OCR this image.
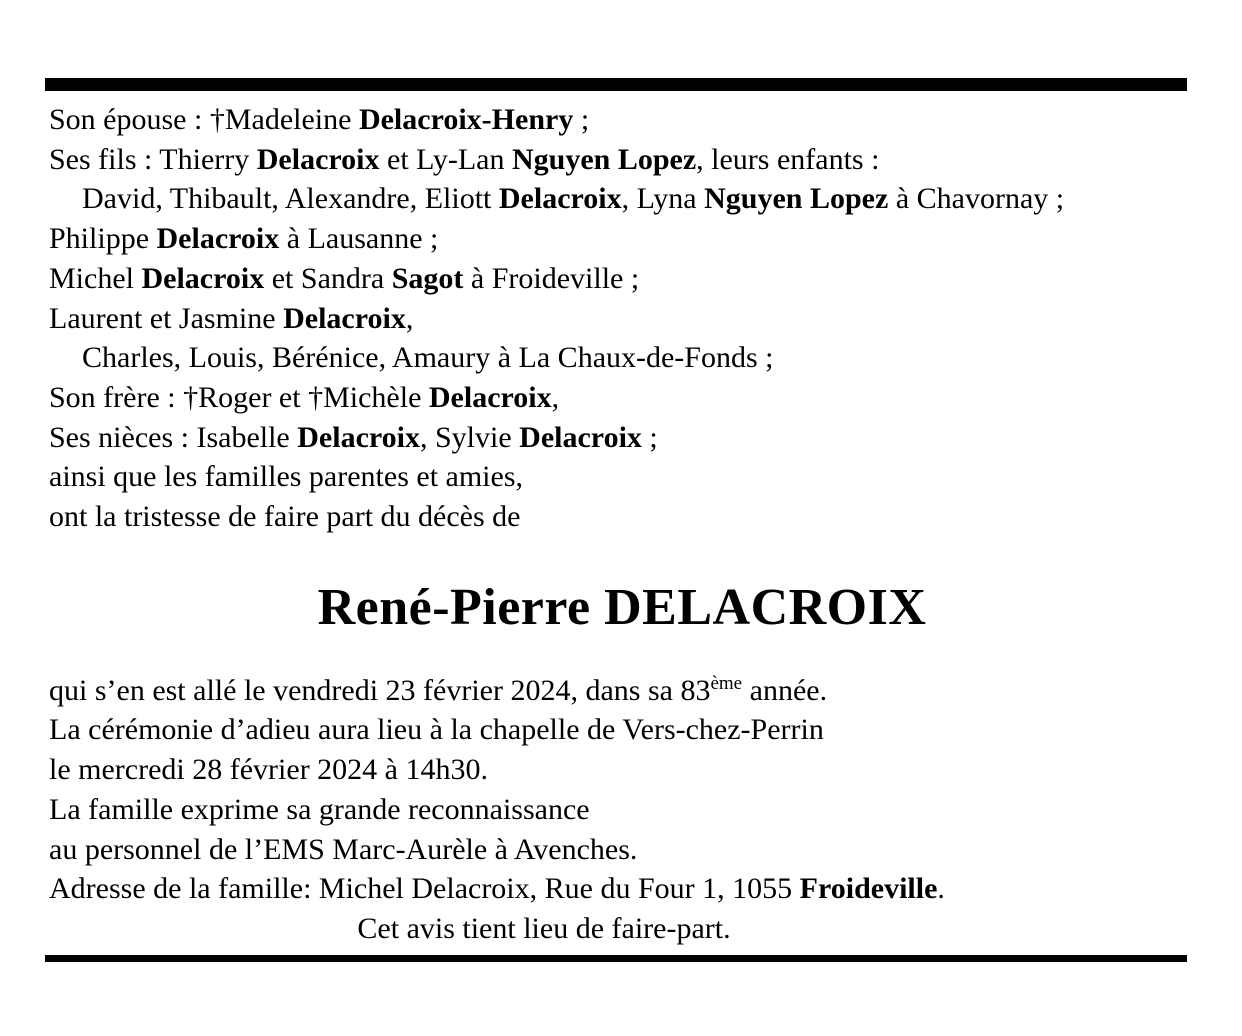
Son épouse : †Madeleine Delacroix-Henry ;
Ses fils : Thierry Delacroix et Ly-Lan Nguyen Lopez, leurs enfants :
David, Thibault, Alexandre, Eliott Delacroix, Lyna Nguyen Lopez à Chavornay ;
Philippe Delacroix à Lausanne ;
Michel Delacroix et Sandra Sagot à Froideville ;
Laurent et Jasmine Delacroix,
Charles, Louis, Bérénice, Amaury à La Chaux-de-Fonds ;
Son frère : †Roger et †Michèle Delacroix,
Ses nièces : Isabelle Delacroix, Sylvie Delacroix ;
ainsi que les familles parentes et amies,
ont la tristesse de faire part du décès de
René-Pierre DELACROIX
qui s’en est allé le vendredi 23 février 2024, dans sa 83ème année.
La cérémonie d’adieu aura lieu à la chapelle de Vers-chez-Perrin
le mercredi 28 février 2024 à 14h30.
La famille exprime sa grande reconnaissance
au personnel de l’EMS Marc-Aurèle à Avenches.
Adresse de la famille: Michel Delacroix, Rue du Four 1, 1055 Froideville.
Cet avis tient lieu de faire-part.
